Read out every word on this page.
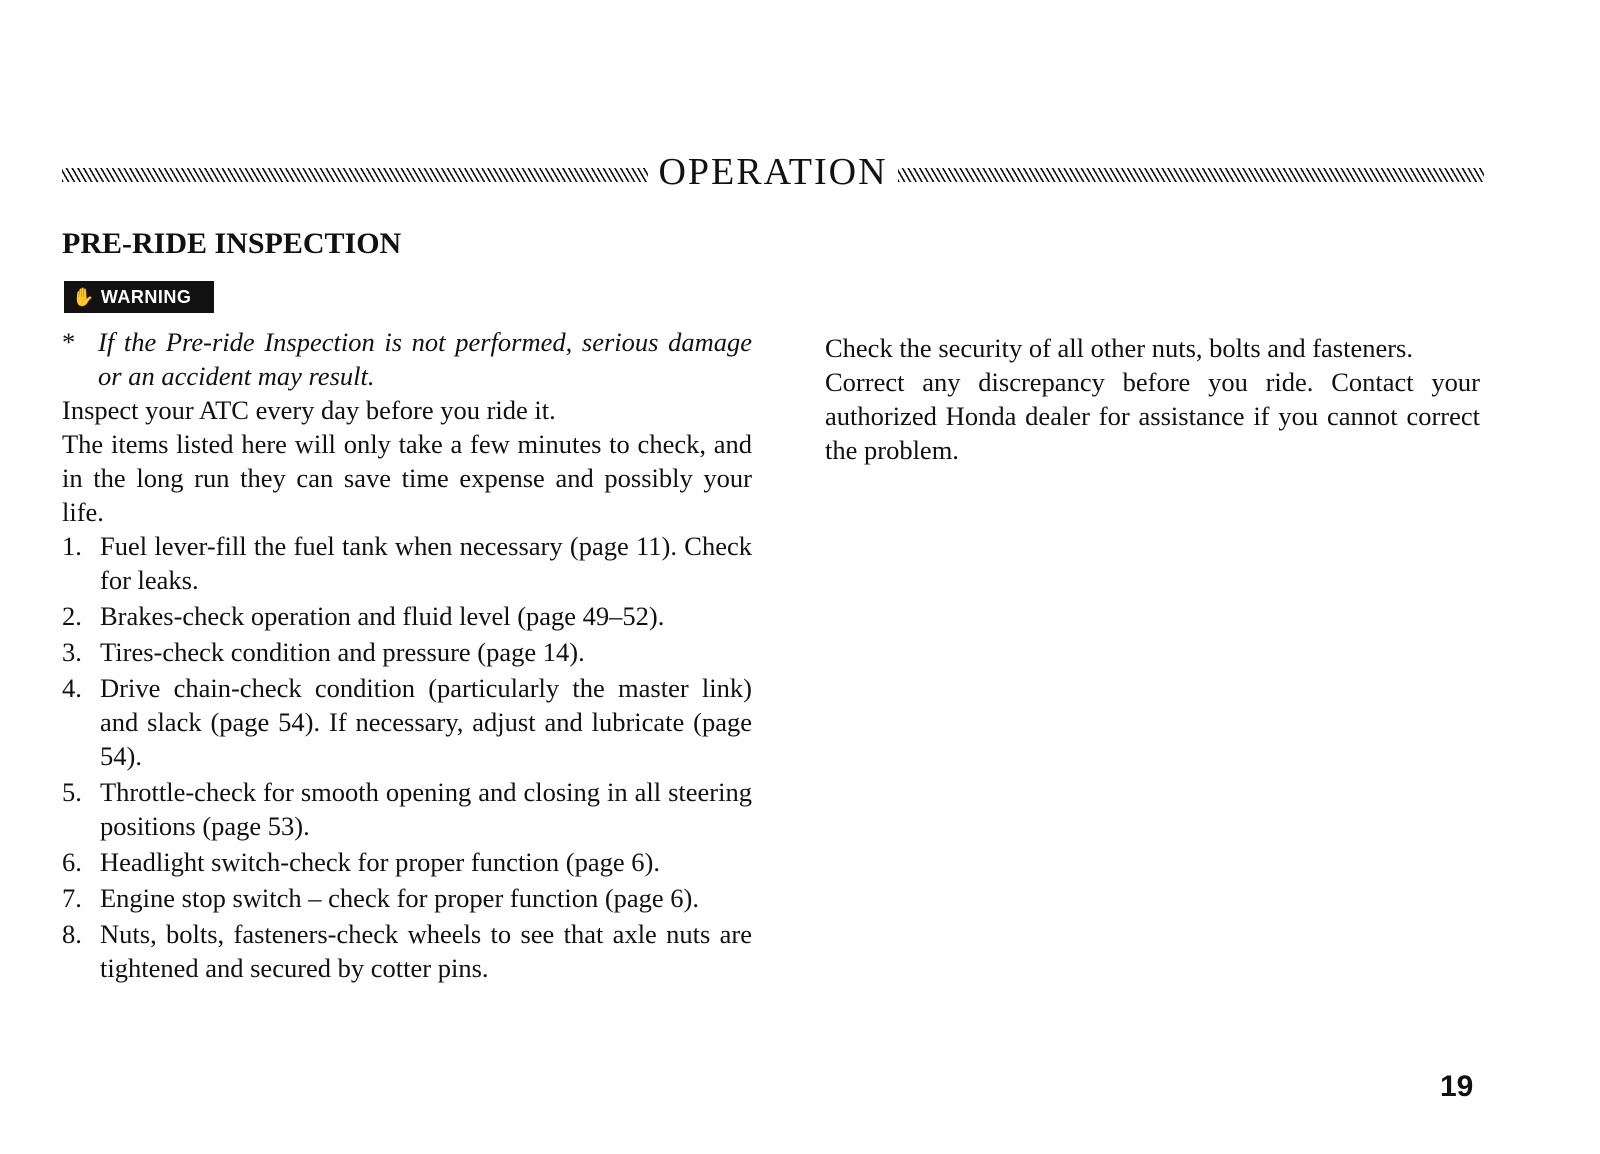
OPERATION
PRE-RIDE INSPECTION
✋ WARNING

* If the Pre-ride Inspection is not performed, serious damage or an accident may result.

Inspect your ATC every day before you ride it.

The items listed here will only take a few minutes to check, and in the long run they can save time expense and possibly your life.

1. Fuel lever-fill the fuel tank when necessary (page 11). Check for leaks.
2. Brakes-check operation and fluid level (page 49–52).
3. Tires-check condition and pressure (page 14).
4. Drive chain-check condition (particularly the master link) and slack (page 54). If necessary, adjust and lubricate (page 54).
5. Throttle-check for smooth opening and closing in all steering positions (page 53).
6. Headlight switch-check for proper function (page 6).
7. Engine stop switch – check for proper function (page 6).
8. Nuts, bolts, fasteners-check wheels to see that axle nuts are tightened and secured by cotter pins.

Check the security of all other nuts, bolts and fasteners.

Correct any discrepancy before you ride. Contact your authorized Honda dealer for assistance if you cannot correct the problem.

19
